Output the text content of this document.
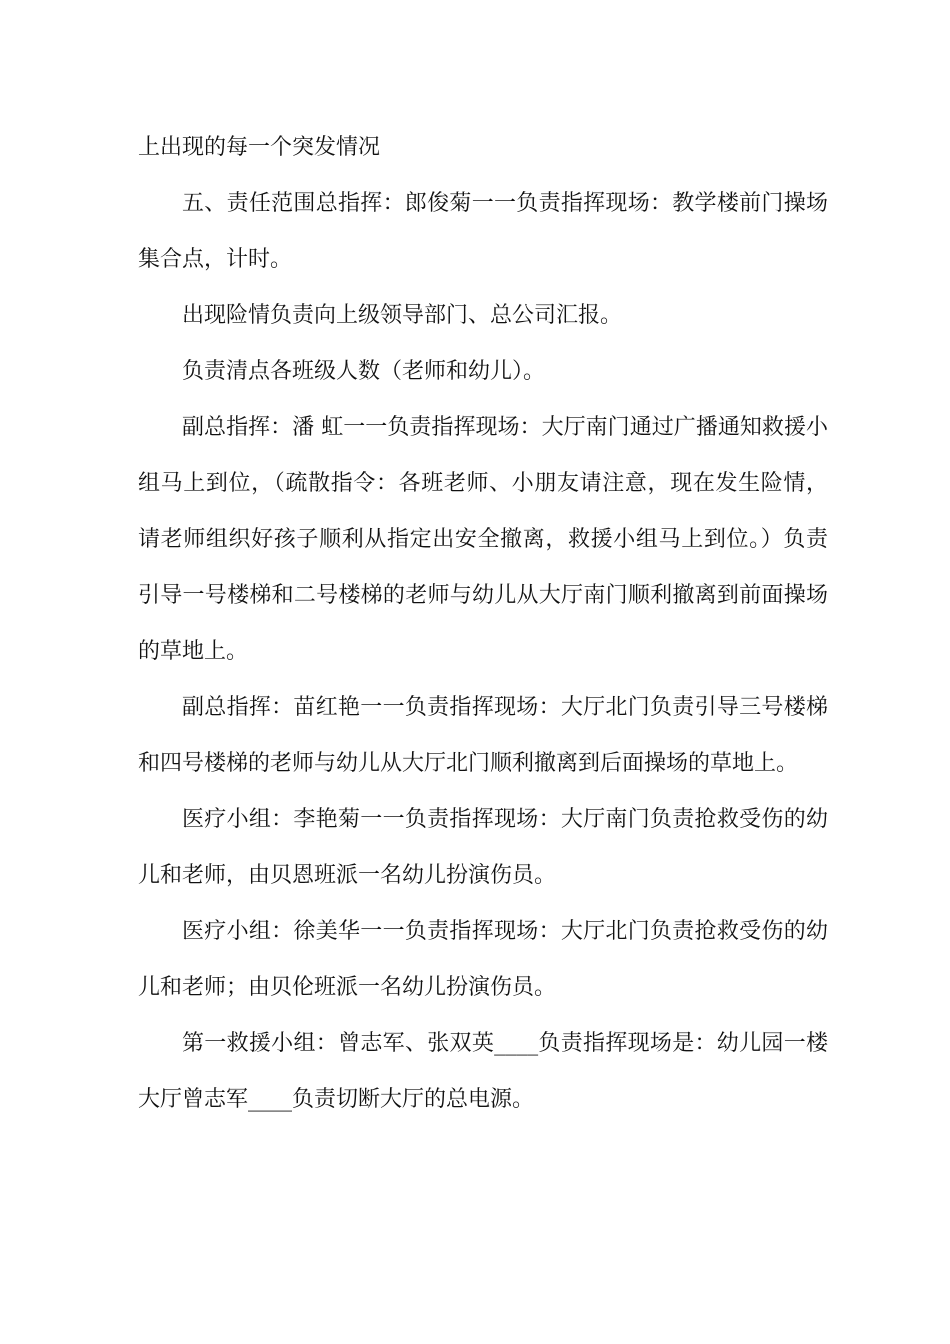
上出现的每一个突发情况

五、责任范围总指挥：郎俊菊一一负责指挥现场：教学楼前门操场集合点，计时。

出现险情负责向上级领导部门、总公司汇报。

负责清点各班级人数（老师和幼儿）。

副总指挥：潘 虹一一负责指挥现场：大厅南门通过广播通知救援小组马上到位，（疏散指令：各班老师、小朋友请注意，现在发生险情，请老师组织好孩子顺利从指定出安全撤离，救援小组马上到位。）负责引导一号楼梯和二号楼梯的老师与幼儿从大厅南门顺利撤离到前面操场的草地上。

副总指挥：苗红艳一一负责指挥现场：大厅北门负责引导三号楼梯和四号楼梯的老师与幼儿从大厅北门顺利撤离到后面操场的草地上。

医疗小组：李艳菊一一负责指挥现场：大厅南门负责抢救受伤的幼儿和老师，由贝恩班派一名幼儿扮演伤员。

医疗小组：徐美华一一负责指挥现场：大厅北门负责抢救受伤的幼儿和老师；由贝伦班派一名幼儿扮演伤员。

第一救援小组：曾志军、张双英____负责指挥现场是：幼儿园一楼大厅曾志军____负责切断大厅的总电源。
